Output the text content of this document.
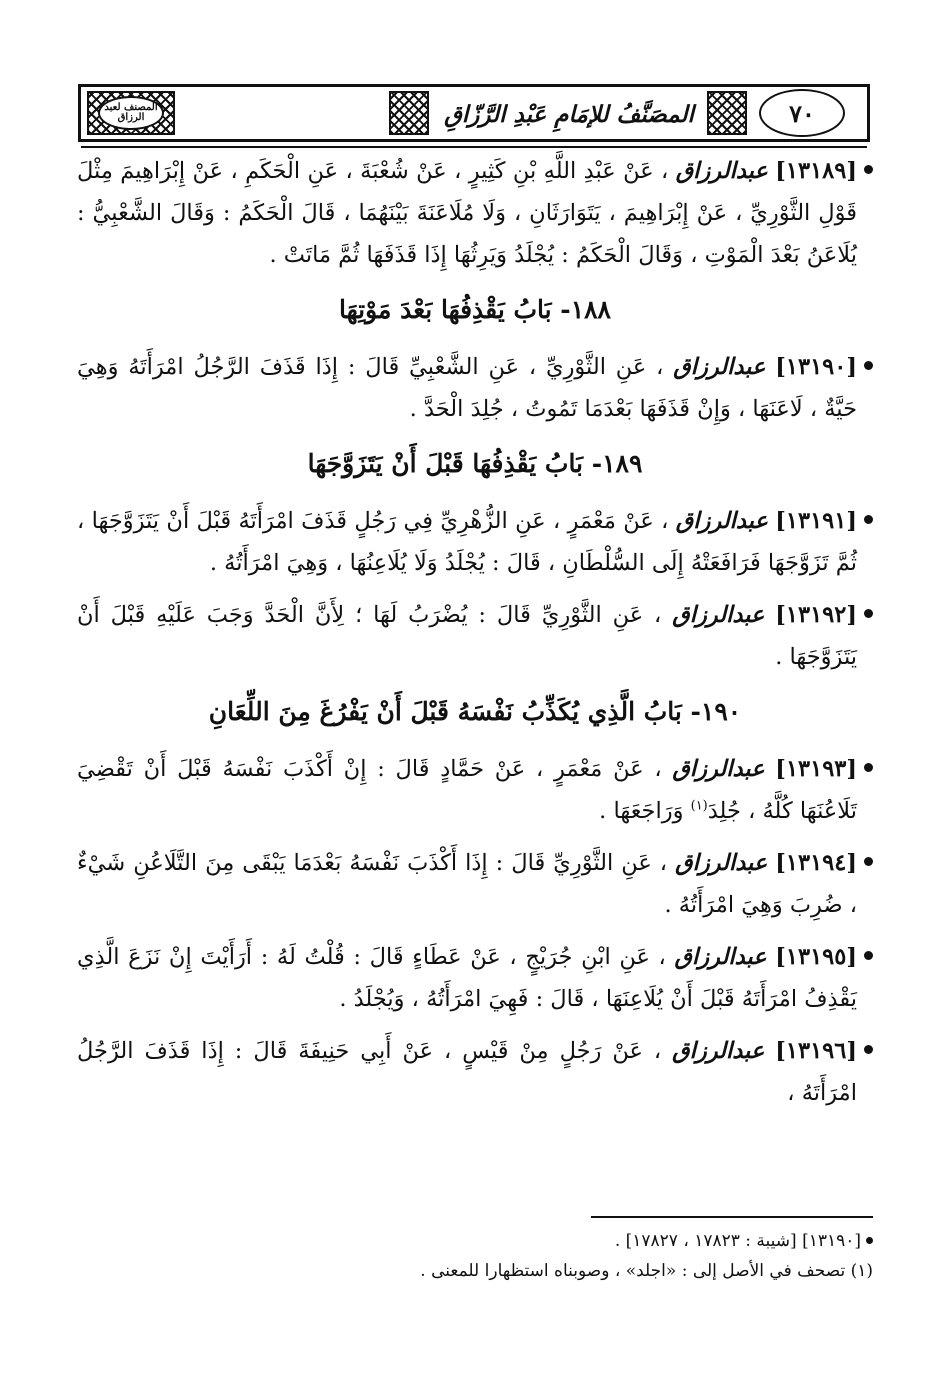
المصنف لعبد الرزاق	المصَنَّفُ للإمَامِ عَبْدِ الرَّزّاقِ	٧٠
[١٣١٨٩] عبدالرزاق ، عَنْ عَبْدِ اللَّهِ بْنِ كَثِيرٍ ، عَنْ شُعْبَةَ ، عَنِ الْحَكَمِ ، عَنْ إِبْرَاهِيمَ مِثْلَ قَوْلِ الثَّوْرِيِّ ، عَنْ إِبْرَاهِيمَ ، يَتَوَارَثَانِ ، وَلَا مُلَاعَنَةَ بَيْنَهُمَا ، قَالَ الْحَكَمُ : وَقَالَ الشَّعْبِيُّ : يُلَاعَنُ بَعْدَ الْمَوْتِ ، وَقَالَ الْحَكَمُ : يُجْلَدُ وَيَرِثُهَا إِذَا قَذَفَهَا ثُمَّ مَاتَتْ .
١٨٨- بَابُ يَقْذِفُهَا بَعْدَ مَوْتِهَا
[١٣١٩٠] عبدالرزاق ، عَنِ الثَّوْرِيِّ ، عَنِ الشَّعْبِيِّ قَالَ : إِذَا قَذَفَ الرَّجُلُ امْرَأَتَهُ وَهِيَ حَيَّةٌ ، لَاعَنَهَا ، وَإِنْ قَذَفَهَا بَعْدَمَا تَمُوتُ ، جُلِدَ الْحَدَّ .
١٨٩- بَابُ يَقْذِفُهَا قَبْلَ أَنْ يَتَزَوَّجَهَا
[١٣١٩١] عبدالرزاق ، عَنْ مَعْمَرٍ ، عَنِ الزُّهْرِيِّ فِي رَجُلٍ قَذَفَ امْرَأَتَهُ قَبْلَ أَنْ يَتَزَوَّجَهَا ، ثُمَّ تَزَوَّجَهَا فَرَافَعَتْهُ إِلَى السُّلْطَانِ ، قَالَ : يُجْلَدُ وَلَا يُلَاعِنُهَا ، وَهِيَ امْرَأَتُهُ .
[١٣١٩٢] عبدالرزاق ، عَنِ الثَّوْرِيِّ قَالَ : يُضْرَبُ لَهَا ؛ لِأَنَّ الْحَدَّ وَجَبَ عَلَيْهِ قَبْلَ أَنْ يَتَزَوَّجَهَا .
١٩٠- بَابُ الَّذِي يُكَذِّبُ نَفْسَهُ قَبْلَ أَنْ يَفْرُغَ مِنَ اللِّعَانِ
[١٣١٩٣] عبدالرزاق ، عَنْ مَعْمَرٍ ، عَنْ حَمَّادٍ قَالَ : إِنْ أَكْذَبَ نَفْسَهُ قَبْلَ أَنْ تَقْضِيَ تَلَاعُنَهَا كُلَّهُ ، جُلِدَ$^{(١)}$ وَرَاجَعَهَا .
[١٣١٩٤] عبدالرزاق ، عَنِ الثَّوْرِيِّ قَالَ : إِذَا أَكْذَبَ نَفْسَهُ بَعْدَمَا يَبْقَى مِنَ التَّلَاعُنِ شَيْءٌ ، ضُرِبَ وَهِيَ امْرَأَتُهُ .
[١٣١٩٥] عبدالرزاق ، عَنِ ابْنِ جُرَيْجٍ ، عَنْ عَطَاءٍ قَالَ : قُلْتُ لَهُ : أَرَأَيْتَ إِنْ نَزَعَ الَّذِي يَقْذِفُ امْرَأَتَهُ قَبْلَ أَنْ يُلَاعِنَهَا ، قَالَ : فَهِيَ امْرَأَتُهُ ، وَيُجْلَدُ .
[١٣١٩٦] عبدالرزاق ، عَنْ رَجُلٍ مِنْ قَيْسٍ ، عَنْ أَبِي حَنِيفَةَ قَالَ : إِذَا قَذَفَ الرَّجُلُ امْرَأَتَهُ ،
[١٣١٩٠] [شيبة : ١٧٨٢٣ ، ١٧٨٢٧] .
(١) تصحف في الأصل إلى : «اجلد» ، وصوبناه استظهارا للمعنى .
